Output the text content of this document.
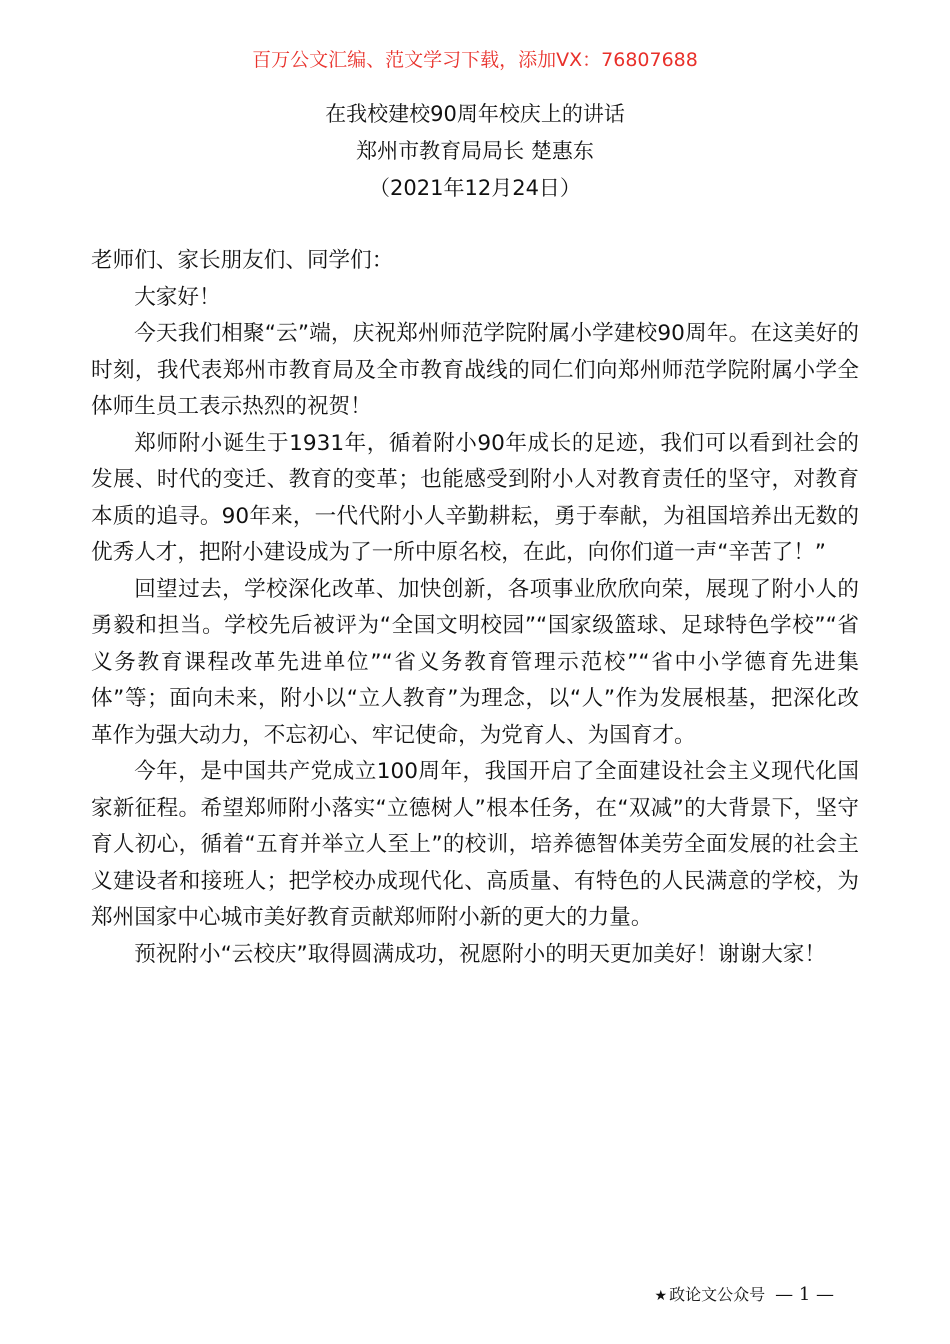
百万公文汇编、范文学习下载，添加VX：76807688
在我校建校90周年校庆上的讲话
郑州市教育局局长 楚惠东
（2021年12月24日）

老师们、家长朋友们、同学们：

大家好！

今天我们相聚“云”端，庆祝郑州师范学院附属小学建校90周年。在这美好的时刻，我代表郑州市教育局及全市教育战线的同仁们向郑州师范学院附属小学全体师生员工表示热烈的祝贺！

郑师附小诞生于1931年，循着附小90年成长的足迹，我们可以看到社会的发展、时代的变迁、教育的变革；也能感受到附小人对教育责任的坚守，对教育本质的追寻。90年来，一代代附小人辛勤耕耘，勇于奉献，为祖国培养出无数的优秀人才，把附小建设成为了一所中原名校，在此，向你们道一声“辛苦了！”

回望过去，学校深化改革、加快创新，各项事业欣欣向荣，展现了附小人的勇毅和担当。学校先后被评为“全国文明校园”“国家级篮球、足球特色学校”“省义务教育课程改革先进单位”“省义务教育管理示范校”“省中小学德育先进集体”等；面向未来，附小以“立人教育”为理念，以“人”作为发展根基，把深化改革作为强大动力，不忘初心、牢记使命，为党育人、为国育才。

今年，是中国共产党成立100周年，我国开启了全面建设社会主义现代化国家新征程。希望郑师附小落实“立德树人”根本任务，在“双减”的大背景下，坚守育人初心，循着“五育并举立人至上”的校训，培养德智体美劳全面发展的社会主义建设者和接班人；把学校办成现代化、高质量、有特色的人民满意的学校，为郑州国家中心城市美好教育贡献郑师附小新的更大的力量。

预祝附小“云校庆”取得圆满成功，祝愿附小的明天更加美好！谢谢大家！

★ 政论文公众号 — 1 —
